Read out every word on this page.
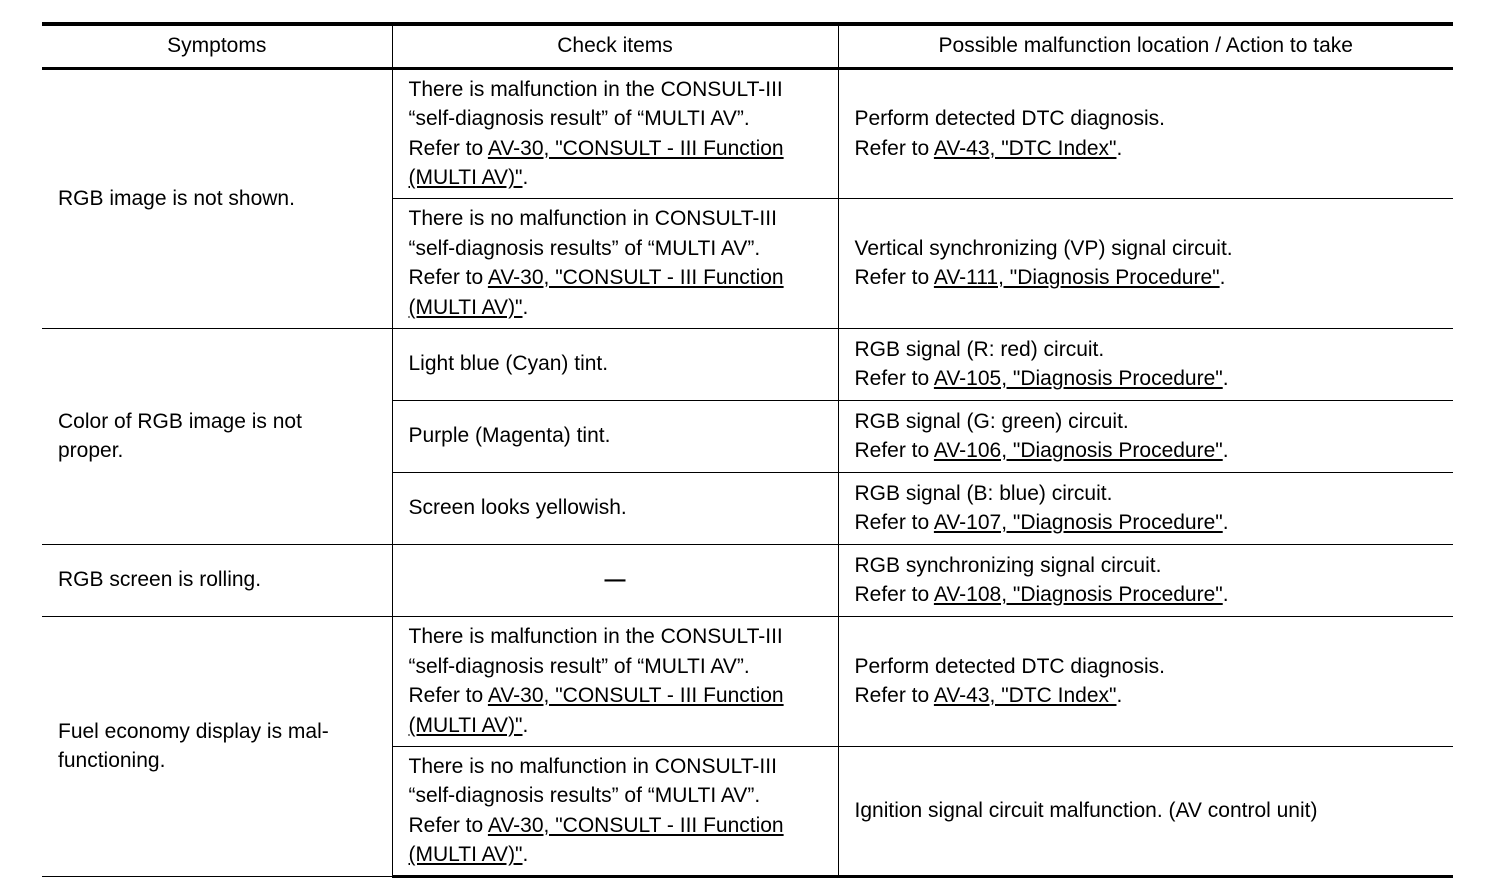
Symptoms	Check items	Possible malfunction location / Action to take

RGB image is not shown.	There is malfunction in the CONSULT-III
“self-diagnosis result” of “MULTI AV”.
Refer to AV-30, "CONSULT - III Function
(MULTI AV)".	Perform detected DTC diagnosis.
Refer to AV-43, "DTC Index".

	There is no malfunction in CONSULT-III
“self-diagnosis results” of “MULTI AV”.
Refer to AV-30, "CONSULT - III Function
(MULTI AV)".	Vertical synchronizing (VP) signal circuit.
Refer to AV-111, "Diagnosis Procedure".

Color of RGB image is not
proper.	Light blue (Cyan) tint.	RGB signal (R: red) circuit.
Refer to AV-105, "Diagnosis Procedure".

	Purple (Magenta) tint.	RGB signal (G: green) circuit.
Refer to AV-106, "Diagnosis Procedure".

	Screen looks yellowish.	RGB signal (B: blue) circuit.
Refer to AV-107, "Diagnosis Procedure".

RGB screen is rolling.	—	RGB synchronizing signal circuit.
Refer to AV-108, "Diagnosis Procedure".

Fuel economy display is mal-
functioning.	There is malfunction in the CONSULT-III
“self-diagnosis result” of “MULTI AV”.
Refer to AV-30, "CONSULT - III Function
(MULTI AV)".	Perform detected DTC diagnosis.
Refer to AV-43, "DTC Index".

	There is no malfunction in CONSULT-III
“self-diagnosis results” of “MULTI AV”.
Refer to AV-30, "CONSULT - III Function
(MULTI AV)".	Ignition signal circuit malfunction. (AV control unit)
